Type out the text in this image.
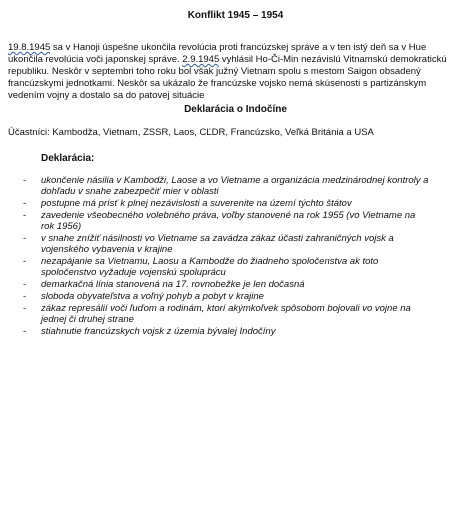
Konflikt 1945 – 1954
19.8.1945 sa v Hanoji úspešne ukončila revolúcia proti francúzskej správe a v ten istý deň sa v Hue ukončila revolúcia voči japonskej správe. 2.9.1945 vyhlásil Ho-Či-Min nezávislú Vitnamskú demokratickú republiku. Neskôr v septembri toho roku bol však južný Vietnam spolu s mestom Saigon obsadený francúzskymi jednotkami. Neskôr sa ukázalo že francúzske vojsko nemá skúsenosti s partizánskym vedením vojny a dostalo sa do patovej situácie
Deklarácia o Indočíne
Účastníci: Kambodža, Vietnam, ZSSR, Laos, CĽDR, Francúzsko, Veľká Británia a USA
Deklarácia:
- ukončenie násilia v Kambodži, Laose a vo Vietname a organizácia medzinárodnej kontroly a dohľadu v snahe zabezpečiť mier v oblasti
- postupne má prísť k plnej nezávislosti a suverenite na území týchto štátov
- zavedenie všeobecného volebného práva, voľby stanovené na rok 1955 (vo Vietname na rok 1956)
- v snahe znížiť násilnosti vo Vietname sa zavádza zákaz účasti zahraničných vojsk a vojenského vybavenia v krajine
- nezapájanie sa Vietnamu, Laosu a Kambodže do žiadneho spoločenstva ak toto spoločenstvo vyžaduje vojenskú spoluprácu
- demarkačná línia stanovená na 17. rovnobežke je len dočasná
- sloboda obyvateľstva a voľný pohyb a pobyt v krajine
- zákaz represálií voči ľuďom a rodinám, ktorí akýmkoľvek spôsobom bojovali vo vojne na jednej či druhej strane
- stiahnutie francúzskych vojsk z územia bývalej Indočíny
